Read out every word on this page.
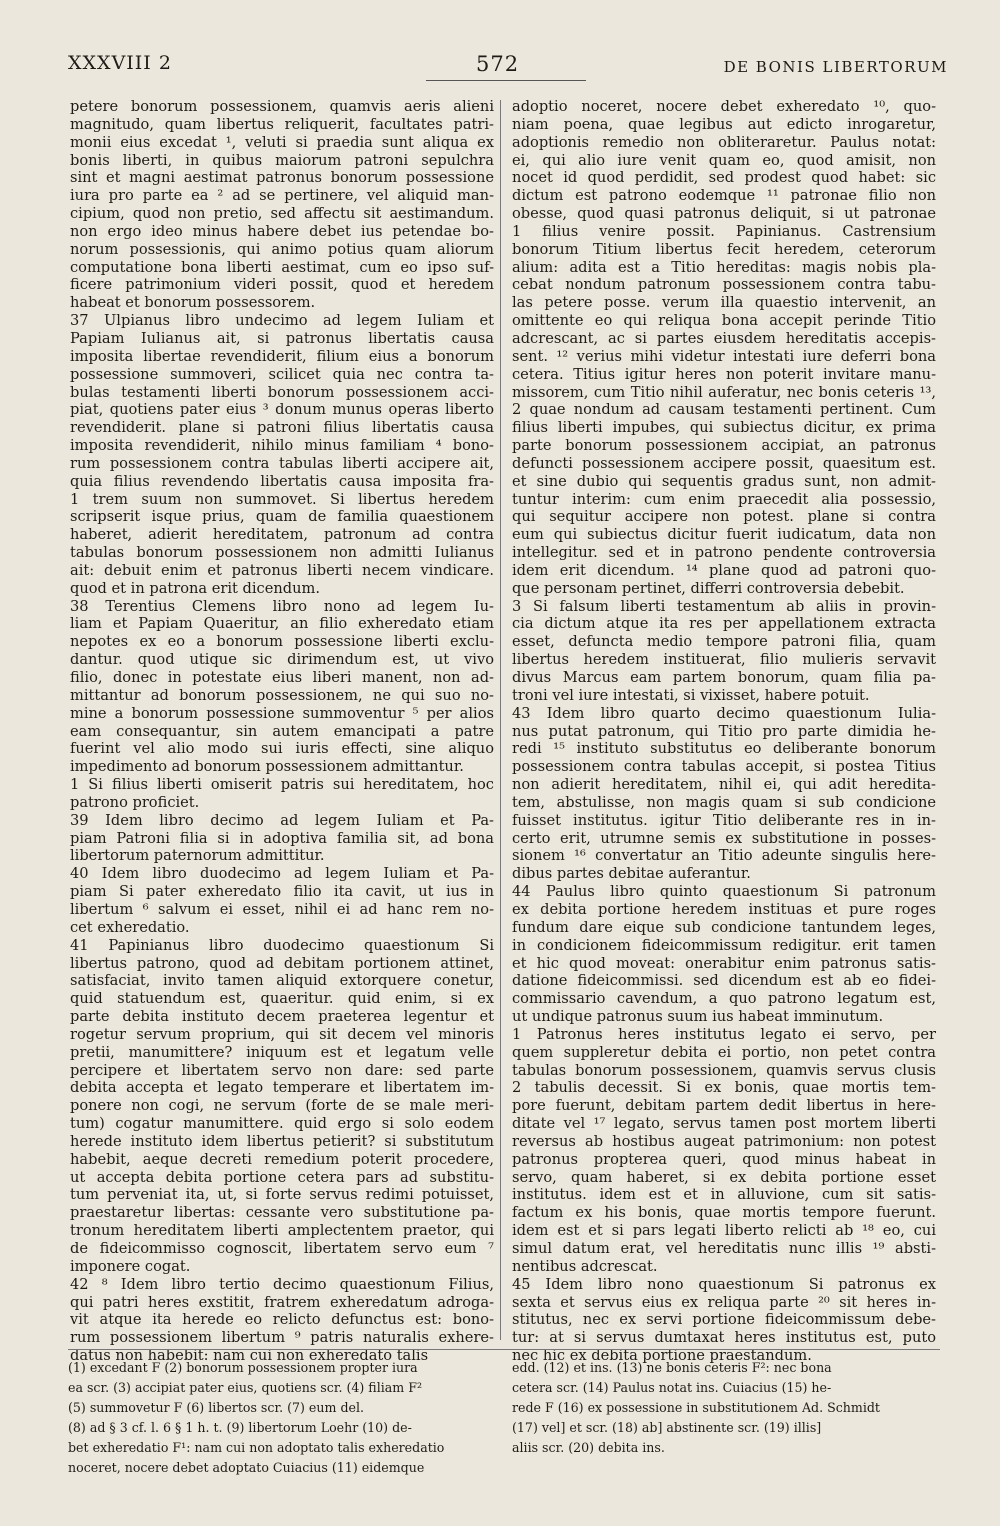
XXXVIII 2	572	DE BONIS LIBERTORUM
petere bonorum possessionem, quamvis aeris alieni
magnitudo, quam libertus reliquerit, facultates patri-
monii eius excedat ¹, veluti si praedia sunt aliqua ex
bonis liberti, in quibus maiorum patroni sepulchra
sint et magni aestimat patronus bonorum possessione
iura pro parte ea ² ad se pertinere, vel aliquid man-
cipium, quod non pretio, sed affectu sit aestimandum.
non ergo ideo minus habere debet ius petendae bo-
norum possessionis, qui animo potius quam aliorum
computatione bona liberti aestimat, cum eo ipso suf-
ficere patrimonium videri possit, quod et heredem
habeat et bonorum possessorem.
37 Ulpianus libro undecimo ad legem Iuliam et
Papiam Iulianus ait, si patronus libertatis causa
imposita libertae revendiderit, filium eius a bonorum
possessione summoveri, scilicet quia nec contra ta-
bulas testamenti liberti bonorum possessionem acci-
piat, quotiens pater eius ³ donum munus operas liberto
revendiderit. plane si patroni filius libertatis causa
imposita revendiderit, nihilo minus familiam ⁴ bono-
rum possessionem contra tabulas liberti accipere ait,
quia filius revendendo libertatis causa imposita fra-
1 trem suum non summovet. Si libertus heredem
scripserit isque prius, quam de familia quaestionem
haberet, adierit hereditatem, patronum ad contra
tabulas bonorum possessionem non admitti Iulianus
ait: debuit enim et patronus liberti necem vindicare.
quod et in patrona erit dicendum.
38 Terentius Clemens libro nono ad legem Iu-
liam et Papiam Quaeritur, an filio exheredato etiam
nepotes ex eo a bonorum possessione liberti exclu-
dantur. quod utique sic dirimendum est, ut vivo
filio, donec in potestate eius liberi manent, non ad-
mittantur ad bonorum possessionem, ne qui suo no-
mine a bonorum possessione summoventur ⁵ per alios
eam consequantur, sin autem emancipati a patre
fuerint vel alio modo sui iuris effecti, sine aliquo
impedimento ad bonorum possessionem admittantur.
1 Si filius liberti omiserit patris sui hereditatem, hoc
patrono proficiet.
39 Idem libro decimo ad legem Iuliam et Pa-
piam Patroni filia si in adoptiva familia sit, ad bona
libertorum paternorum admittitur.
40 Idem libro duodecimo ad legem Iuliam et Pa-
piam Si pater exheredato filio ita cavit, ut ius in
libertum ⁶ salvum ei esset, nihil ei ad hanc rem no-
cet exheredatio.
41 Papinianus libro duodecimo quaestionum Si
libertus patrono, quod ad debitam portionem attinet,
satisfaciat, invito tamen aliquid extorquere conetur,
quid statuendum est, quaeritur. quid enim, si ex
parte debita instituto decem praeterea legentur et
rogetur servum proprium, qui sit decem vel minoris
pretii, manumittere? iniquum est et legatum velle
percipere et libertatem servo non dare: sed parte
debita accepta et legato temperare et libertatem im-
ponere non cogi, ne servum (forte de se male meri-
tum) cogatur manumittere. quid ergo si solo eodem
herede instituto idem libertus petierit? si substitutum
habebit, aeque decreti remedium poterit procedere,
ut accepta debita portione cetera pars ad substitu-
tum perveniat ita, ut, si forte servus redimi potuisset,
praestaretur libertas: cessante vero substitutione pa-
tronum hereditatem liberti amplectentem praetor, qui
de fideicommisso cognoscit, libertatem servo eum ⁷
imponere cogat.
42 ⁸ Idem libro tertio decimo quaestionum Filius,
qui patri heres exstitit, fratrem exheredatum adroga-
vit atque ita herede eo relicto defunctus est: bono-
rum possessionem libertum ⁹ patris naturalis exhere-
datus non habebit: nam cui non exheredato talis
adoptio noceret, nocere debet exheredato ¹⁰, quo-
niam poena, quae legibus aut edicto inrogaretur,
adoptionis remedio non obliteraretur. Paulus notat:
ei, qui alio iure venit quam eo, quod amisit, non
nocet id quod perdidit, sed prodest quod habet: sic
dictum est patrono eodemque ¹¹ patronae filio non
obesse, quod quasi patronus deliquit, si ut patronae
1 filius venire possit. Papinianus. Castrensium
bonorum Titium libertus fecit heredem, ceterorum
alium: adita est a Titio hereditas: magis nobis pla-
cebat nondum patronum possessionem contra tabu-
las petere posse. verum illa quaestio intervenit, an
omittente eo qui reliqua bona accepit perinde Titio
adcrescant, ac si partes eiusdem hereditatis accepis-
sent. ¹² verius mihi videtur intestati iure deferri bona
cetera. Titius igitur heres non poterit invitare manu-
missorem, cum Titio nihil auferatur, nec bonis ceteris ¹³,
2 quae nondum ad causam testamenti pertinent. Cum
filius liberti impubes, qui subiectus dicitur, ex prima
parte bonorum possessionem accipiat, an patronus
defuncti possessionem accipere possit, quaesitum est.
et sine dubio qui sequentis gradus sunt, non admit-
tuntur interim: cum enim praecedit alia possessio,
qui sequitur accipere non potest. plane si contra
eum qui subiectus dicitur fuerit iudicatum, data non
intellegitur. sed et in patrono pendente controversia
idem erit dicendum. ¹⁴ plane quod ad patroni quo-
que personam pertinet, differri controversia debebit.
3 Si falsum liberti testamentum ab aliis in provin-
cia dictum atque ita res per appellationem extracta
esset, defuncta medio tempore patroni filia, quam
libertus heredem instituerat, filio mulieris servavit
divus Marcus eam partem bonorum, quam filia pa-
troni vel iure intestati, si vixisset, habere potuit.
43 Idem libro quarto decimo quaestionum Iulia-
nus putat patronum, qui Titio pro parte dimidia he-
redi ¹⁵ instituto substitutus eo deliberante bonorum
possessionem contra tabulas accepit, si postea Titius
non adierit hereditatem, nihil ei, qui adit heredita-
tem, abstulisse, non magis quam si sub condicione
fuisset institutus. igitur Titio deliberante res in in-
certo erit, utrumne semis ex substitutione in posses-
sionem ¹⁶ convertatur an Titio adeunte singulis here-
dibus partes debitae auferantur.
44 Paulus libro quinto quaestionum Si patronum
ex debita portione heredem instituas et pure roges
fundum dare eique sub condicione tantundem leges,
in condicionem fideicommissum redigitur. erit tamen
et hic quod moveat: onerabitur enim patronus satis-
datione fideicommissi. sed dicendum est ab eo fidei-
commissario cavendum, a quo patrono legatum est,
ut undique patronus suum ius habeat imminutum.
1 Patronus heres institutus legato ei servo, per
quem suppleretur debita ei portio, non petet contra
tabulas bonorum possessionem, quamvis servus clusis
2 tabulis decessit. Si ex bonis, quae mortis tem-
pore fuerunt, debitam partem dedit libertus in here-
ditate vel ¹⁷ legato, servus tamen post mortem liberti
reversus ab hostibus augeat patrimonium: non potest
patronus propterea queri, quod minus habeat in
servo, quam haberet, si ex debita portione esset
institutus. idem est et in alluvione, cum sit satis-
factum ex his bonis, quae mortis tempore fuerunt.
idem est et si pars legati liberto relicti ab ¹⁸ eo, cui
simul datum erat, vel hereditatis nunc illis ¹⁹ absti-
nentibus adcrescat.
45 Idem libro nono quaestionum Si patronus ex
sexta et servus eius ex reliqua parte ²⁰ sit heres in-
stitutus, nec ex servi portione fideicommissum debe-
tur: at si servus dumtaxat heres institutus est, puto
nec hic ex debita portione praestandum.
(1) excedant F (2) bonorum possessionem propter iura
ea scr. (3) accipiat pater eius, quotiens scr. (4) filiam F²
(5) summovetur F (6) libertos scr. (7) eum del.
(8) ad § 3 cf. l. 6 § 1 h. t. (9) libertorum Loehr (10) de-
bet exheredatio F¹: nam cui non adoptato talis exheredatio
noceret, nocere debet adoptato Cuiacius (11) eidemque
edd. (12) et ins. (13) ne bonis ceteris F²: nec bona
cetera scr. (14) Paulus notat ins. Cuiacius (15) he-
rede F (16) ex possessione in substitutionem Ad. Schmidt
(17) vel] et scr. (18) ab] abstinente scr. (19) illis]
aliis scr. (20) debita ins.
